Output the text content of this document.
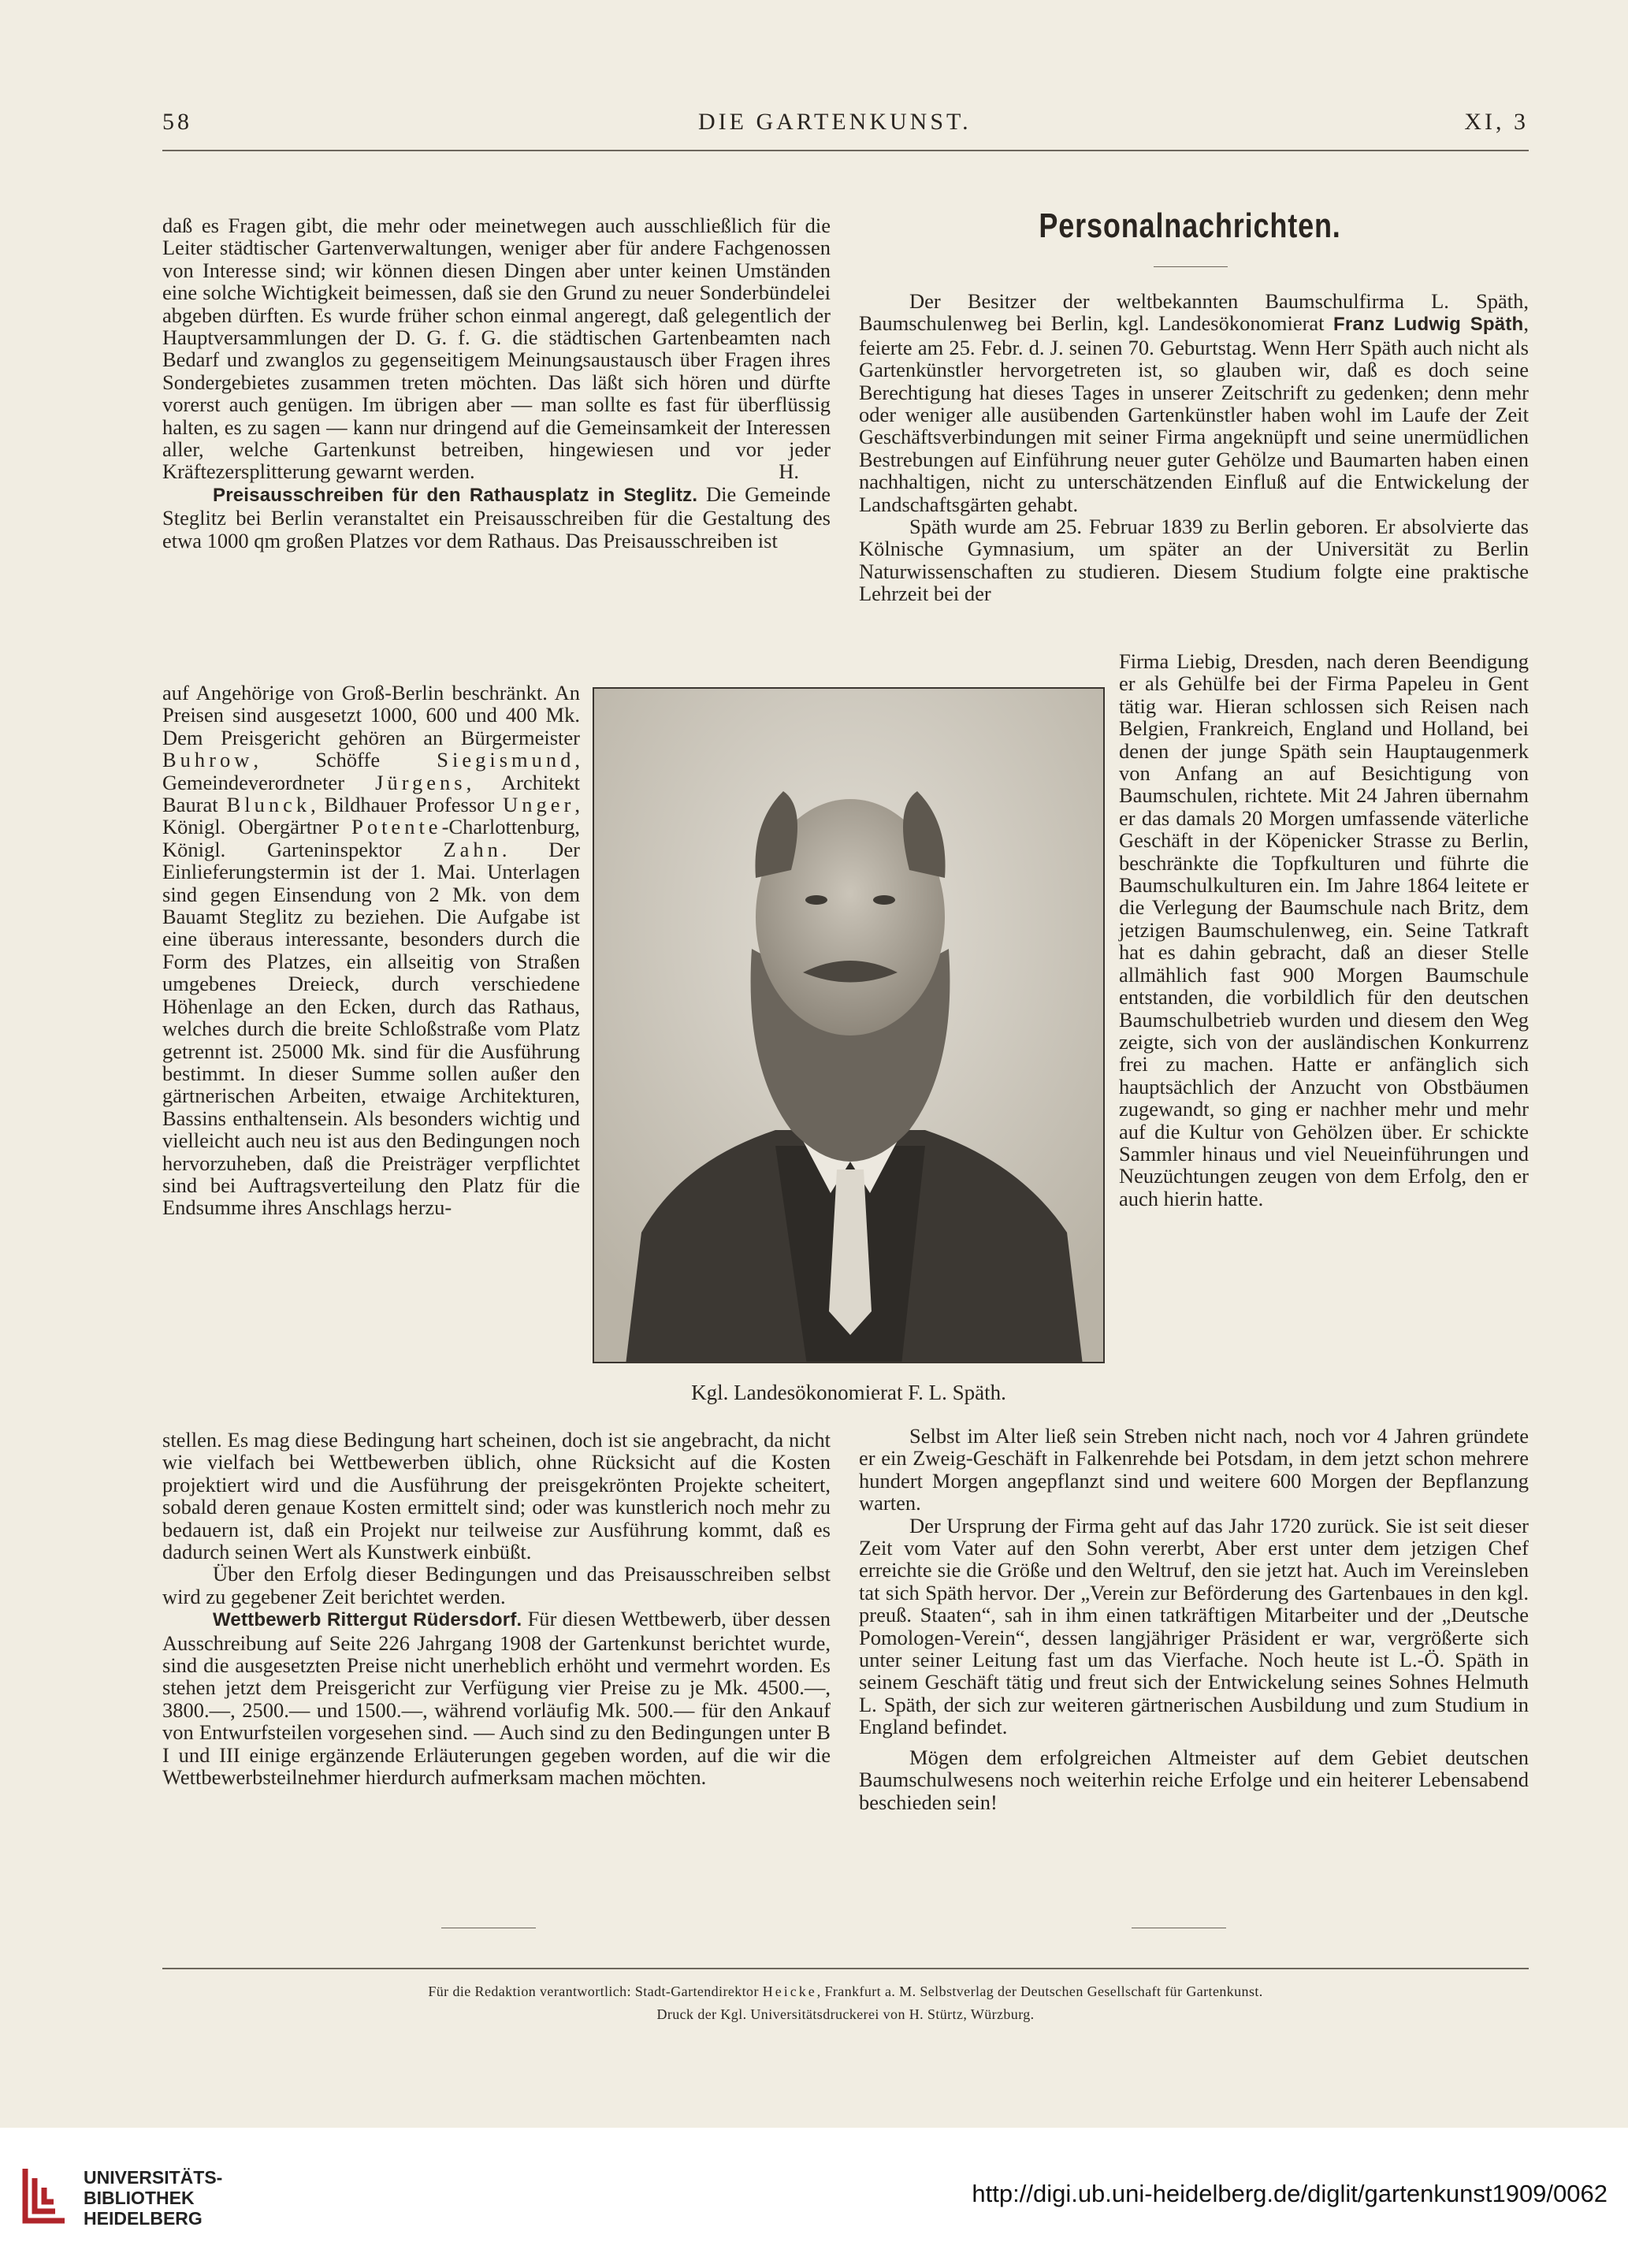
58	DIE GARTENKUNST.	XI, 3

daß es Fragen gibt, die mehr oder meinetwegen auch ausschließlich für die Leiter städtischer Gartenverwaltungen, weniger aber für andere Fachgenossen von Interesse sind; wir können diesen Dingen aber unter keinen Umständen eine solche Wichtigkeit beimessen, daß sie den Grund zu neuer Sonderbündelei abgeben dürften. Es wurde früher schon einmal angeregt, daß gelegentlich der Hauptversammlungen der D. G. f. G. die städtischen Gartenbeamten nach Bedarf und zwanglos zu gegenseitigem Meinungsaustausch über Fragen ihres Sondergebietes zusammen treten möchten. Das läßt sich hören und dürfte vorerst auch genügen. Im übrigen aber — man sollte es fast für überflüssig halten, es zu sagen — kann nur dringend auf die Gemeinsamkeit der Interessen aller, welche Gartenkunst betreiben, hingewiesen und vor jeder Kräftezersplitterung gewarnt werden.	H.

Preisausschreiben für den Rathausplatz in Steglitz. Die Gemeinde Steglitz bei Berlin veranstaltet ein Preisausschreiben für die Gestaltung des etwa 1000 qm großen Platzes vor dem Rathaus. Das Preisausschreiben ist

auf Angehörige von Groß-Berlin beschränkt. An Preisen sind ausgesetzt 1000, 600 und 400 Mk. Dem Preisgericht gehören an Bürgermeister Buhrow, Schöffe Siegismund, Gemeindeverordneter Jürgens, Architekt Baurat Blunck, Bildhauer Professor Unger, Königl. Obergärtner Potente-Charlottenburg, Königl. Garteninspektor Zahn. Der Einlieferungstermin ist der 1. Mai. Unterlagen sind gegen Einsendung von 2 Mk. von dem Bauamt Steglitz zu beziehen. Die Aufgabe ist eine überaus interessante, besonders durch die Form des Platzes, ein allseitig von Straßen umgebenes Dreieck, durch verschiedene Höhenlage an den Ecken, durch das Rathaus, welches durch die breite Schloßstraße vom Platz getrennt ist. 25000 Mk. sind für die Ausführung bestimmt. In dieser Summe sollen außer den gärtnerischen Arbeiten, etwaige Architekturen, Bassins enthaltensein. Als besonders wichtig und vielleicht auch neu ist aus den Bedingungen noch hervorzuheben, daß die Preisträger verpflichtet sind bei Auftragsverteilung den Platz für die Endsumme ihres Anschlags herzu-

stellen. Es mag diese Bedingung hart scheinen, doch ist sie angebracht, da nicht wie vielfach bei Wettbewerben üblich, ohne Rücksicht auf die Kosten projektiert wird und die Ausführung der preisgekrönten Projekte scheitert, sobald deren genaue Kosten ermittelt sind; oder was kunstlerich noch mehr zu bedauern ist, daß ein Projekt nur teilweise zur Ausführung kommt, daß es dadurch seinen Wert als Kunstwerk einbüßt.

Über den Erfolg dieser Bedingungen und das Preisausschreiben selbst wird zu gegebener Zeit berichtet werden.

Wettbewerb Rittergut Rüdersdorf. Für diesen Wettbewerb, über dessen Ausschreibung auf Seite 226 Jahrgang 1908 der Gartenkunst berichtet wurde, sind die ausgesetzten Preise nicht unerheblich erhöht und vermehrt worden. Es stehen jetzt dem Preisgericht zur Verfügung vier Preise zu je Mk. 4500.—, 3800.—, 2500.— und 1500.—, während vorläufig Mk. 500.— für den Ankauf von Entwurfsteilen vorgesehen sind. — Auch sind zu den Bedingungen unter B I und III einige ergänzende Erläuterungen gegeben worden, auf die wir die Wettbewerbsteilnehmer hierdurch aufmerksam machen möchten.

Kgl. Landesökonomierat F. L. Späth.
Personalnachrichten.

Der Besitzer der weltbekannten Baumschulfirma L. Späth, Baumschulenweg bei Berlin, kgl. Landesökonomierat Franz Ludwig Späth, feierte am 25. Febr. d. J. seinen 70. Geburtstag. Wenn Herr Späth auch nicht als Gartenkünstler hervorgetreten ist, so glauben wir, daß es doch seine Berechtigung hat dieses Tages in unserer Zeitschrift zu gedenken; denn mehr oder weniger alle ausübenden Gartenkünstler haben wohl im Laufe der Zeit Geschäftsverbindungen mit seiner Firma angeknüpft und seine unermüdlichen Bestrebungen auf Einführung neuer guter Gehölze und Baumarten haben einen nachhaltigen, nicht zu unterschätzenden Einfluß auf die Entwickelung der Landschaftsgärten gehabt.

Späth wurde am 25. Februar 1839 zu Berlin geboren. Er absolvierte das Kölnische Gymnasium, um später an der Universität zu Berlin Naturwissenschaften zu studieren. Diesem Studium folgte eine praktische Lehrzeit bei der

Firma Liebig, Dresden, nach deren Beendigung er als Gehülfe bei der Firma Papeleu in Gent tätig war. Hieran schlossen sich Reisen nach Belgien, Frankreich, England und Holland, bei denen der junge Späth sein Hauptaugenmerk von Anfang an auf Besichtigung von Baumschulen, richtete. Mit 24 Jahren übernahm er das damals 20 Morgen umfassende väterliche Geschäft in der Köpenicker Strasse zu Berlin, beschränkte die Topfkulturen und führte die Baumschulkulturen ein. Im Jahre 1864 leitete er die Verlegung der Baumschule nach Britz, dem jetzigen Baumschulenweg, ein. Seine Tatkraft hat es dahin gebracht, daß an dieser Stelle allmählich fast 900 Morgen Baumschule entstanden, die vorbildlich für den deutschen Baumschulbetrieb wurden und diesem den Weg zeigte, sich von der ausländischen Konkurrenz frei zu machen. Hatte er anfänglich sich hauptsächlich der Anzucht von Obstbäumen zugewandt, so ging er nachher mehr und mehr auf die Kultur von Gehölzen über. Er schickte Sammler hinaus und viel Neueinführungen und Neuzüchtungen zeugen von dem Erfolg, den er auch hierin hatte.

Selbst im Alter ließ sein Streben nicht nach, noch vor 4 Jahren gründete er ein Zweig-Geschäft in Falkenrehde bei Potsdam, in dem jetzt schon mehrere hundert Morgen angepflanzt sind und weitere 600 Morgen der Bepflanzung warten.

Der Ursprung der Firma geht auf das Jahr 1720 zurück. Sie ist seit dieser Zeit vom Vater auf den Sohn vererbt, Aber erst unter dem jetzigen Chef erreichte sie die Größe und den Weltruf, den sie jetzt hat. Auch im Vereinsleben tat sich Späth hervor. Der „Verein zur Beförderung des Gartenbaues in den kgl. preuß. Staaten“, sah in ihm einen tatkräftigen Mitarbeiter und der „Deutsche Pomologen-Verein“, dessen langjähriger Präsident er war, vergrößerte sich unter seiner Leitung fast um das Vierfache. Noch heute ist L.-Ö. Späth in seinem Geschäft tätig und freut sich der Entwickelung seines Sohnes Helmuth L. Späth, der sich zur weiteren gärtnerischen Ausbildung und zum Studium in England befindet.

Mögen dem erfolgreichen Altmeister auf dem Gebiet deutschen Baumschulwesens noch weiterhin reiche Erfolge und ein heiterer Lebensabend beschieden sein!

Für die Redaktion verantwortlich: Stadt-Gartendirektor Heicke, Frankfurt a. M. Selbstverlag der Deutschen Gesellschaft für Gartenkunst.
Druck der Kgl. Universitätsdruckerei von H. Stürtz, Würzburg.
UNIVERSITÄTS-
BIBLIOTHEK
HEIDELBERG
http://digi.ub.uni-heidelberg.de/diglit/gartenkunst1909/0062
